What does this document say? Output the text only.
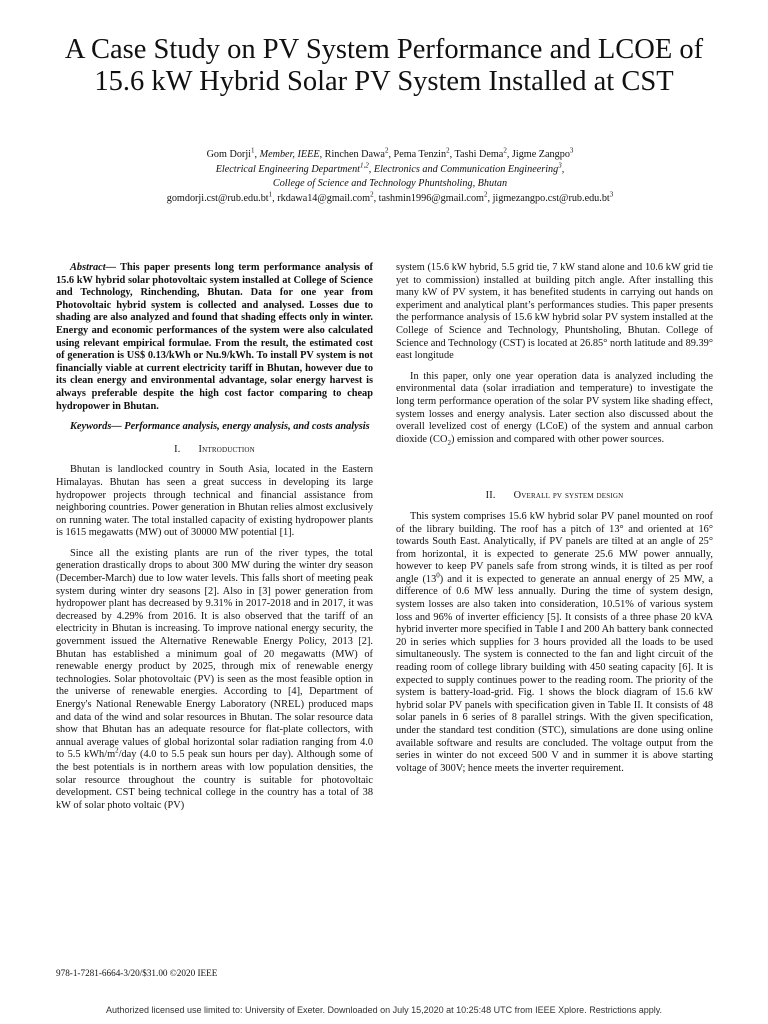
A Case Study on PV System Performance and LCOE of 15.6 kW Hybrid Solar PV System Installed at CST
Gom Dorji$^1$, Member, IEEE, Rinchen Dawa$^2$, Pema Tenzin$^2$, Tashi Dema$^2$, Jigme Zangpo$^3$
Electrical Engineering Department$^{1,2}$, Electronics and Communication Engineering$^3$,
College of Science and Technology Phuntsholing, Bhutan
$gomdorji.cst@rub.edu.bt^1$, rkdawa14@gmail.com$^2$, tashmin1996@gmail.com$^2$, $jigmezangpo.cst@rub.edu.bt^3$

Abstract— This paper presents long term performance analysis of 15.6 kW hybrid solar photovoltaic system installed at College of Science and Technology, Rinchending, Bhutan. Data for one year from Photovoltaic hybrid system is collected and analysed. Losses due to shading are also analyzed and found that shading effects only in winter. Energy and economic performances of the system were also calculated using relevant empirical formulae. From the result, the estimated cost of generation is US$ 0.13/kWh or Nu.9/kWh. To install PV system is not financially viable at current electricity tariff in Bhutan, however due to its clean energy and environmental advantage, solar energy harvest is always preferable despite the high cost factor comparing to cheap hydropower in Bhutan.

Keywords— Performance analysis, energy analysis, and costs analysis

I. Introduction

Bhutan is landlocked country in South Asia, located in the Eastern Himalayas. Bhutan has seen a great success in developing its large hydropower projects through technical and financial assistance from neighboring countries. Power generation in Bhutan relies almost exclusively on running water. The total installed capacity of existing hydropower plants is 1615 megawatts (MW) out of 30000 MW potential [1].

Since all the existing plants are run of the river types, the total generation drastically drops to about 300 MW during the winter dry season (December-March) due to low water levels. This falls short of meeting peak system during winter dry seasons [2]. Also in [3] power generation from hydropower plant has decreased by 9.31% in 2017-2018 and in 2017, it was decreased by 4.29% from 2016. It is also observed that the tariff of an electricity in Bhutan is increasing. To improve national energy security, the government issued the Alternative Renewable Energy Policy, 2013 [2]. Bhutan has established a minimum goal of 20 megawatts (MW) of renewable energy product by 2025, through mix of renewable energy technologies. Solar photovoltaic (PV) is seen as the most feasible option in the universe of renewable energies. According to [4], Department of Energy's National Renewable Energy Laboratory (NREL) produced maps and data of the wind and solar resources in Bhutan. The solar resource data show that Bhutan has an adequate resource for flat-plate collectors, with annual average values of global horizontal solar radiation ranging from 4.0 to 5.5 kWh/$m^2$/day (4.0 to 5.5 peak sun hours per day). Although some of the best potentials is in northern areas with low population densities, the solar resource throughout the country is suitable for photovoltaic development. CST being technical college in the country has a total of 38 kW of solar photo voltaic (PV)

system (15.6 kW hybrid, 5.5 grid tie, 7 kW stand alone and 10.6 kW grid tie yet to commission) installed at building pitch angle. After installing this many kW of PV system, it has benefited students in carrying out hands on experiment and analytical plant’s performances studies. This paper presents the performance analysis of 15.6 kW hybrid solar PV system installed at the College of Science and Technology, Phuntsholing, Bhutan. College of Science and Technology (CST) is located at 26.85° north latitude and 89.39° east longitude

In this paper, only one year operation data is analyzed including the environmental data (solar irradiation and temperature) to investigate the long term performance operation of the solar PV system like shading effect, system losses and energy analysis. Later section also discussed about the overall levelized cost of energy (LCoE) of the system and annual carbon dioxide $(CO_2)$ emission and compared with other power sources.

II. Overall pv system design

This system comprises 15.6 kW hybrid solar PV panel mounted on roof of the library building. The roof has a pitch of 13° and oriented at 16° towards South East. Analytically, if PV panels are tilted at an angle of 25° from horizontal, it is expected to generate 25.6 MW power annually, however to keep PV panels safe from strong winds, it is tilted as per roof angle $(13^0)$ and it is expected to generate an annual energy of 25 MW, a difference of 0.6 MW less annually. During the time of system design, system losses are also taken into consideration, 10.51% of various system loss and 96% of inverter efficiency [5]. It consists of a three phase 20 kVA hybrid inverter more specified in Table I and 200 Ah battery bank connected 20 in series which supplies for 3 hours provided all the loads to be used simultaneously. The system is connected to the fan and light circuit of the reading room of college library building with 450 seating capacity [6]. It is expected to supply continues power to the reading room. The priority of the system is battery-load-grid. Fig. 1 shows the block diagram of 15.6 kW hybrid solar PV panels with specification given in Table II. It consists of 48 solar panels in 6 series of 8 parallel strings. With the given specification, under the standard test condition (STC), simulations are done using online available software and results are concluded. The voltage output from the series in winter do not exceed 500 V and in summer it is above starting voltage of 300V; hence meets the inverter requirement.

978-1-7281-6664-3/20/$31.00 ©2020 IEEE
Authorized licensed use limited to: University of Exeter. Downloaded on July 15,2020 at 10:25:48 UTC from IEEE Xplore. Restrictions apply.
